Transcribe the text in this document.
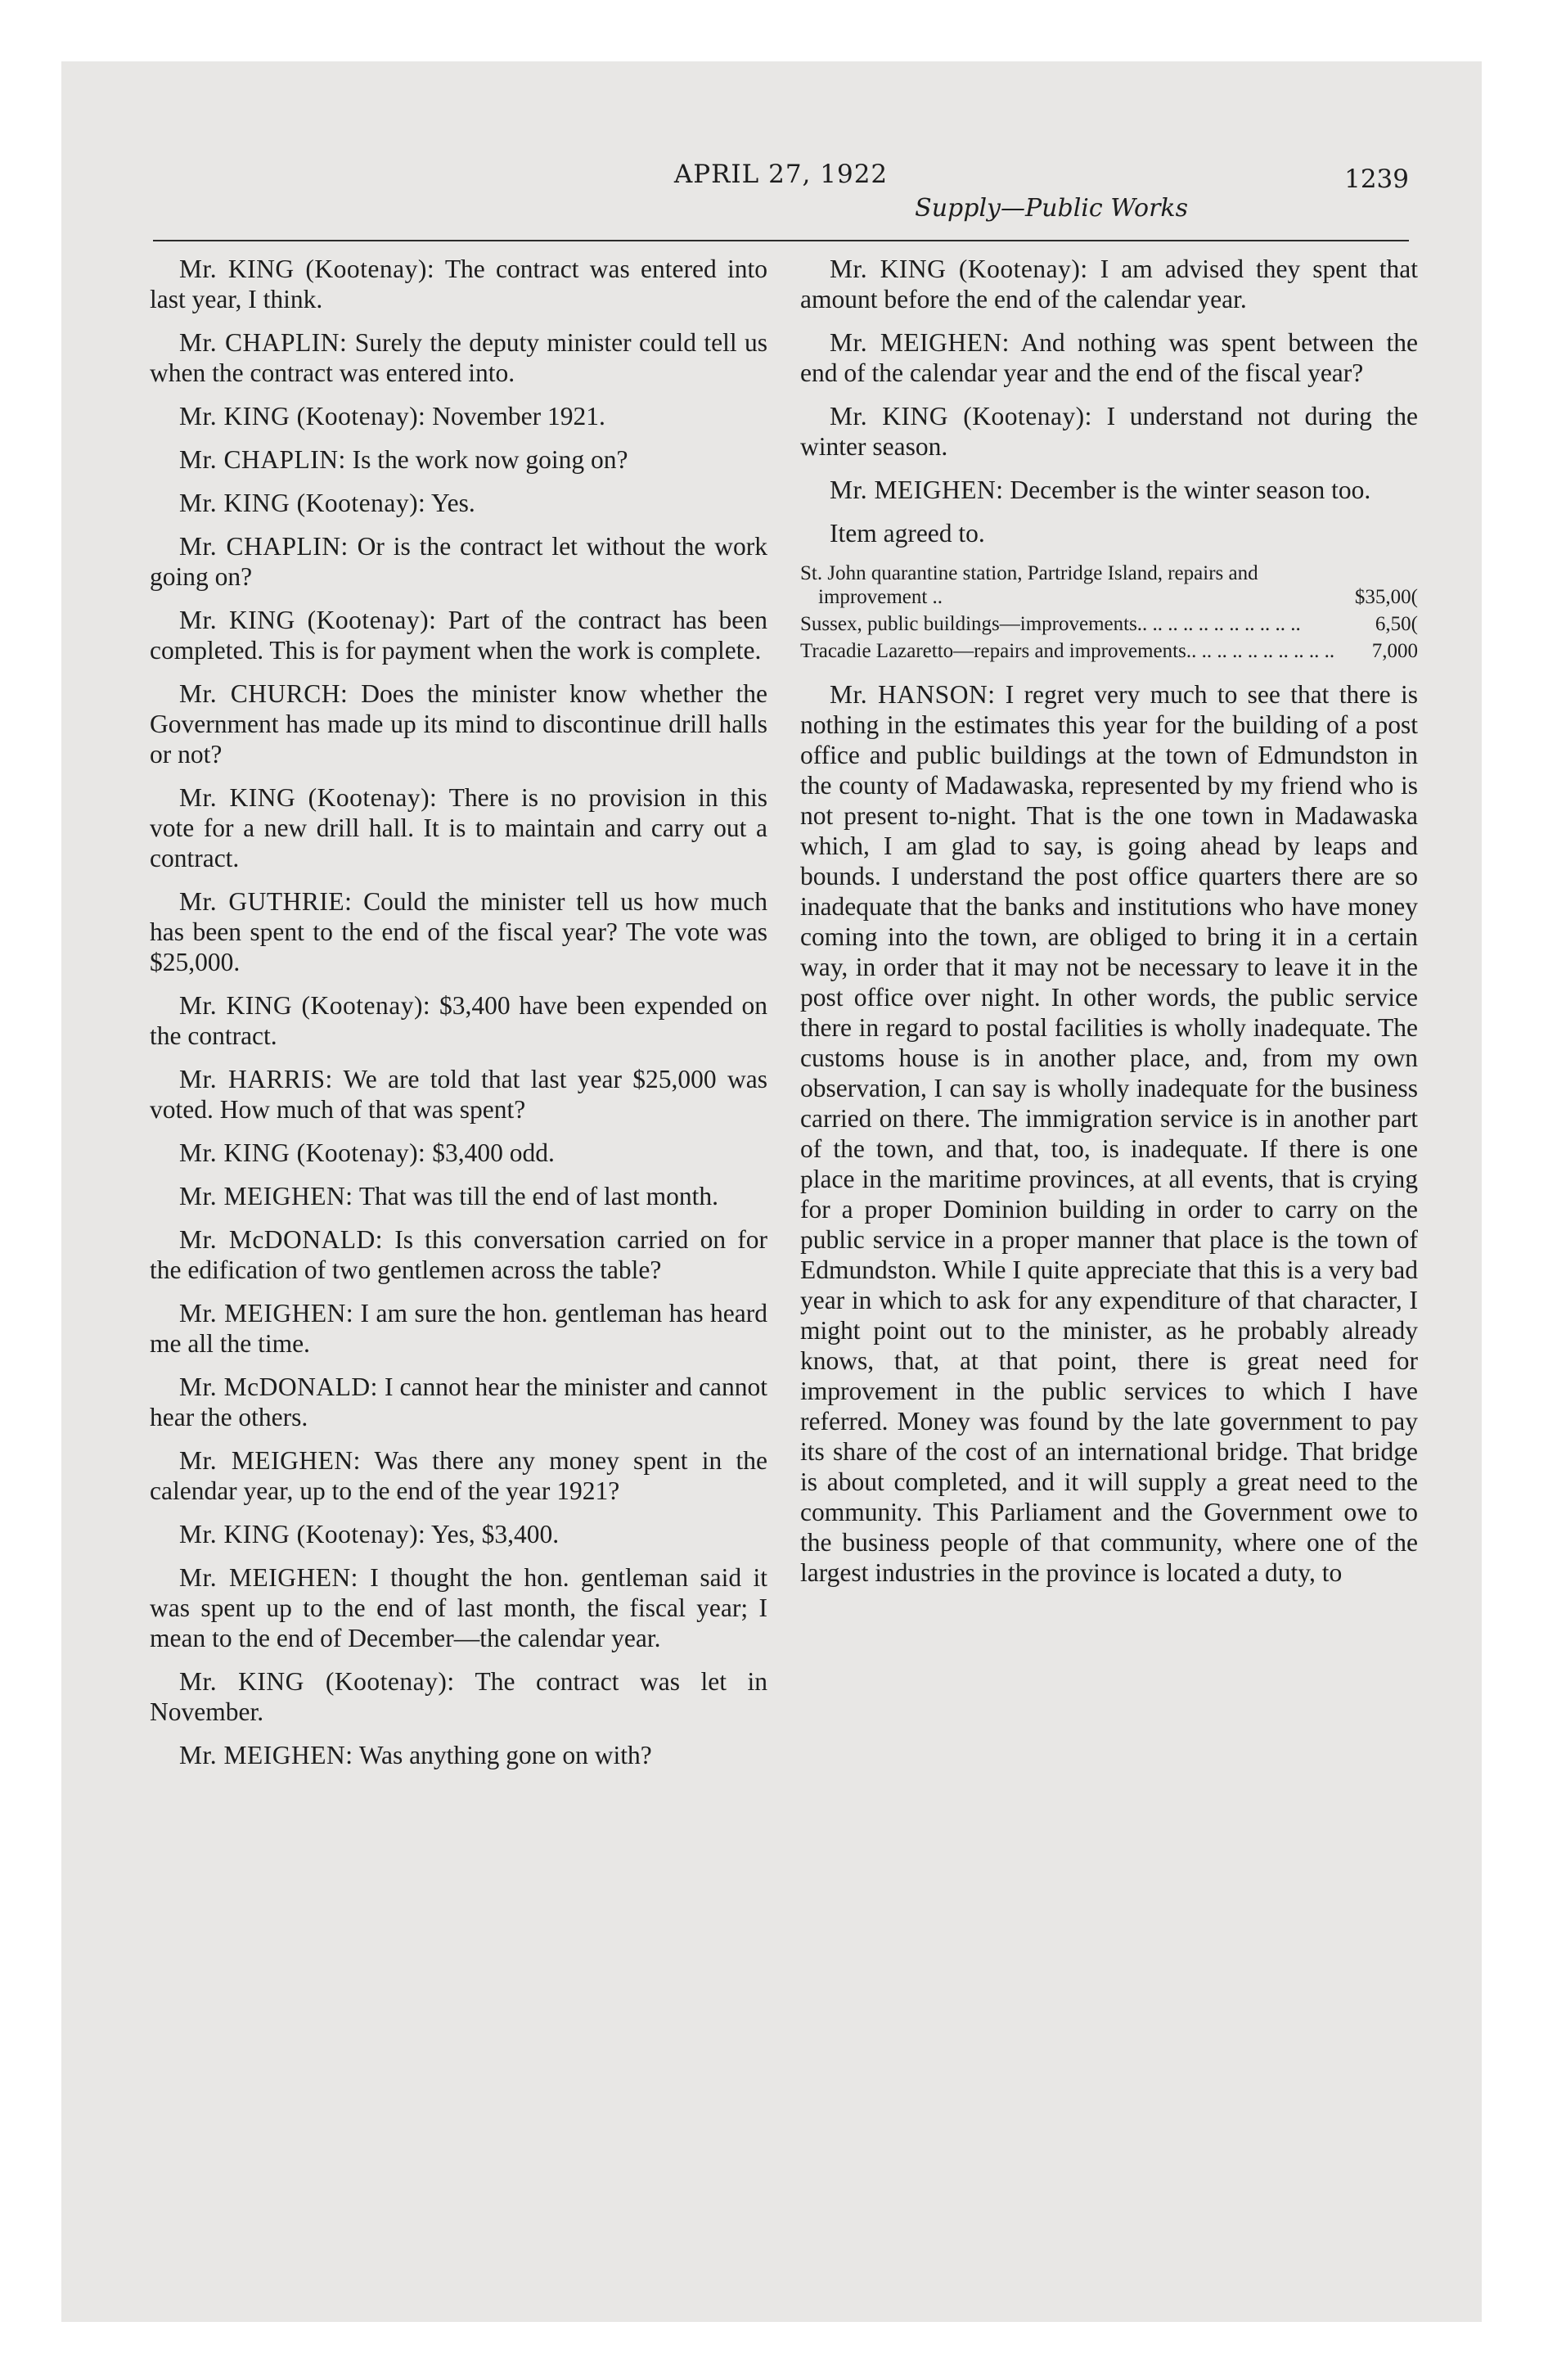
APRIL 27, 1922	1239
Supply—Public Works

Mr. KING (Kootenay): The contract was entered into last year, I think.

Mr. CHAPLIN: Surely the deputy minister could tell us when the contract was entered into.

Mr. KING (Kootenay): November 1921.

Mr. CHAPLIN: Is the work now going on?

Mr. KING (Kootenay): Yes.

Mr. CHAPLIN: Or is the contract let without the work going on?

Mr. KING (Kootenay): Part of the contract has been completed. This is for payment when the work is complete.

Mr. CHURCH: Does the minister know whether the Government has made up its mind to discontinue drill halls or not?

Mr. KING (Kootenay): There is no provision in this vote for a new drill hall. It is to maintain and carry out a contract.

Mr. GUTHRIE: Could the minister tell us how much has been spent to the end of the fiscal year? The vote was $25,000.

Mr. KING (Kootenay): $3,400 have been expended on the contract.

Mr. HARRIS: We are told that last year $25,000 was voted. How much of that was spent?

Mr. KING (Kootenay): $3,400 odd.

Mr. MEIGHEN: That was till the end of last month.

Mr. McDONALD: Is this conversation carried on for the edification of two gentlemen across the table?

Mr. MEIGHEN: I am sure the hon. gentleman has heard me all the time.

Mr. McDONALD: I cannot hear the minister and cannot hear the others.

Mr. MEIGHEN: Was there any money spent in the calendar year, up to the end of the year 1921?

Mr. KING (Kootenay): Yes, $3,400.

Mr. MEIGHEN: I thought the hon. gentleman said it was spent up to the end of last month, the fiscal year; I mean to the end of December—the calendar year.

Mr. KING (Kootenay): The contract was let in November.

Mr. MEIGHEN: Was anything gone on with?

Mr. KING (Kootenay): I am advised they spent that amount before the end of the calendar year.

Mr. MEIGHEN: And nothing was spent between the end of the calendar year and the end of the fiscal year?

Mr. KING (Kootenay): I understand not during the winter season.

Mr. MEIGHEN: December is the winter season too.

Item agreed to.

St. John quarantine station, Partridge Island, repairs and improvement ..	$35,00(
Sussex, public buildings—improvements.. .. .. .. .. .. .. .. .. .. ..	6,50(
Tracadie Lazaretto—repairs and improvements.. .. .. .. .. .. .. .. .. ..	7,000

Mr. HANSON: I regret very much to see that there is nothing in the estimates this year for the building of a post office and public buildings at the town of Edmundston in the county of Madawaska, represented by my friend who is not present to-night. That is the one town in Madawaska which, I am glad to say, is going ahead by leaps and bounds. I understand the post office quarters there are so inadequate that the banks and institutions who have money coming into the town, are obliged to bring it in a certain way, in order that it may not be necessary to leave it in the post office over night. In other words, the public service there in regard to postal facilities is wholly inadequate. The customs house is in another place, and, from my own observation, I can say is wholly inadequate for the business carried on there. The immigration service is in another part of the town, and that, too, is inadequate. If there is one place in the maritime provinces, at all events, that is crying for a proper Dominion building in order to carry on the public service in a proper manner that place is the town of Edmundston. While I quite appreciate that this is a very bad year in which to ask for any expenditure of that character, I might point out to the minister, as he probably already knows, that, at that point, there is great need for improvement in the public services to which I have referred. Money was found by the late government to pay its share of the cost of an international bridge. That bridge is about completed, and it will supply a great need to the community. This Parliament and the Government owe to the business people of that community, where one of the largest industries in the province is located a duty, to
